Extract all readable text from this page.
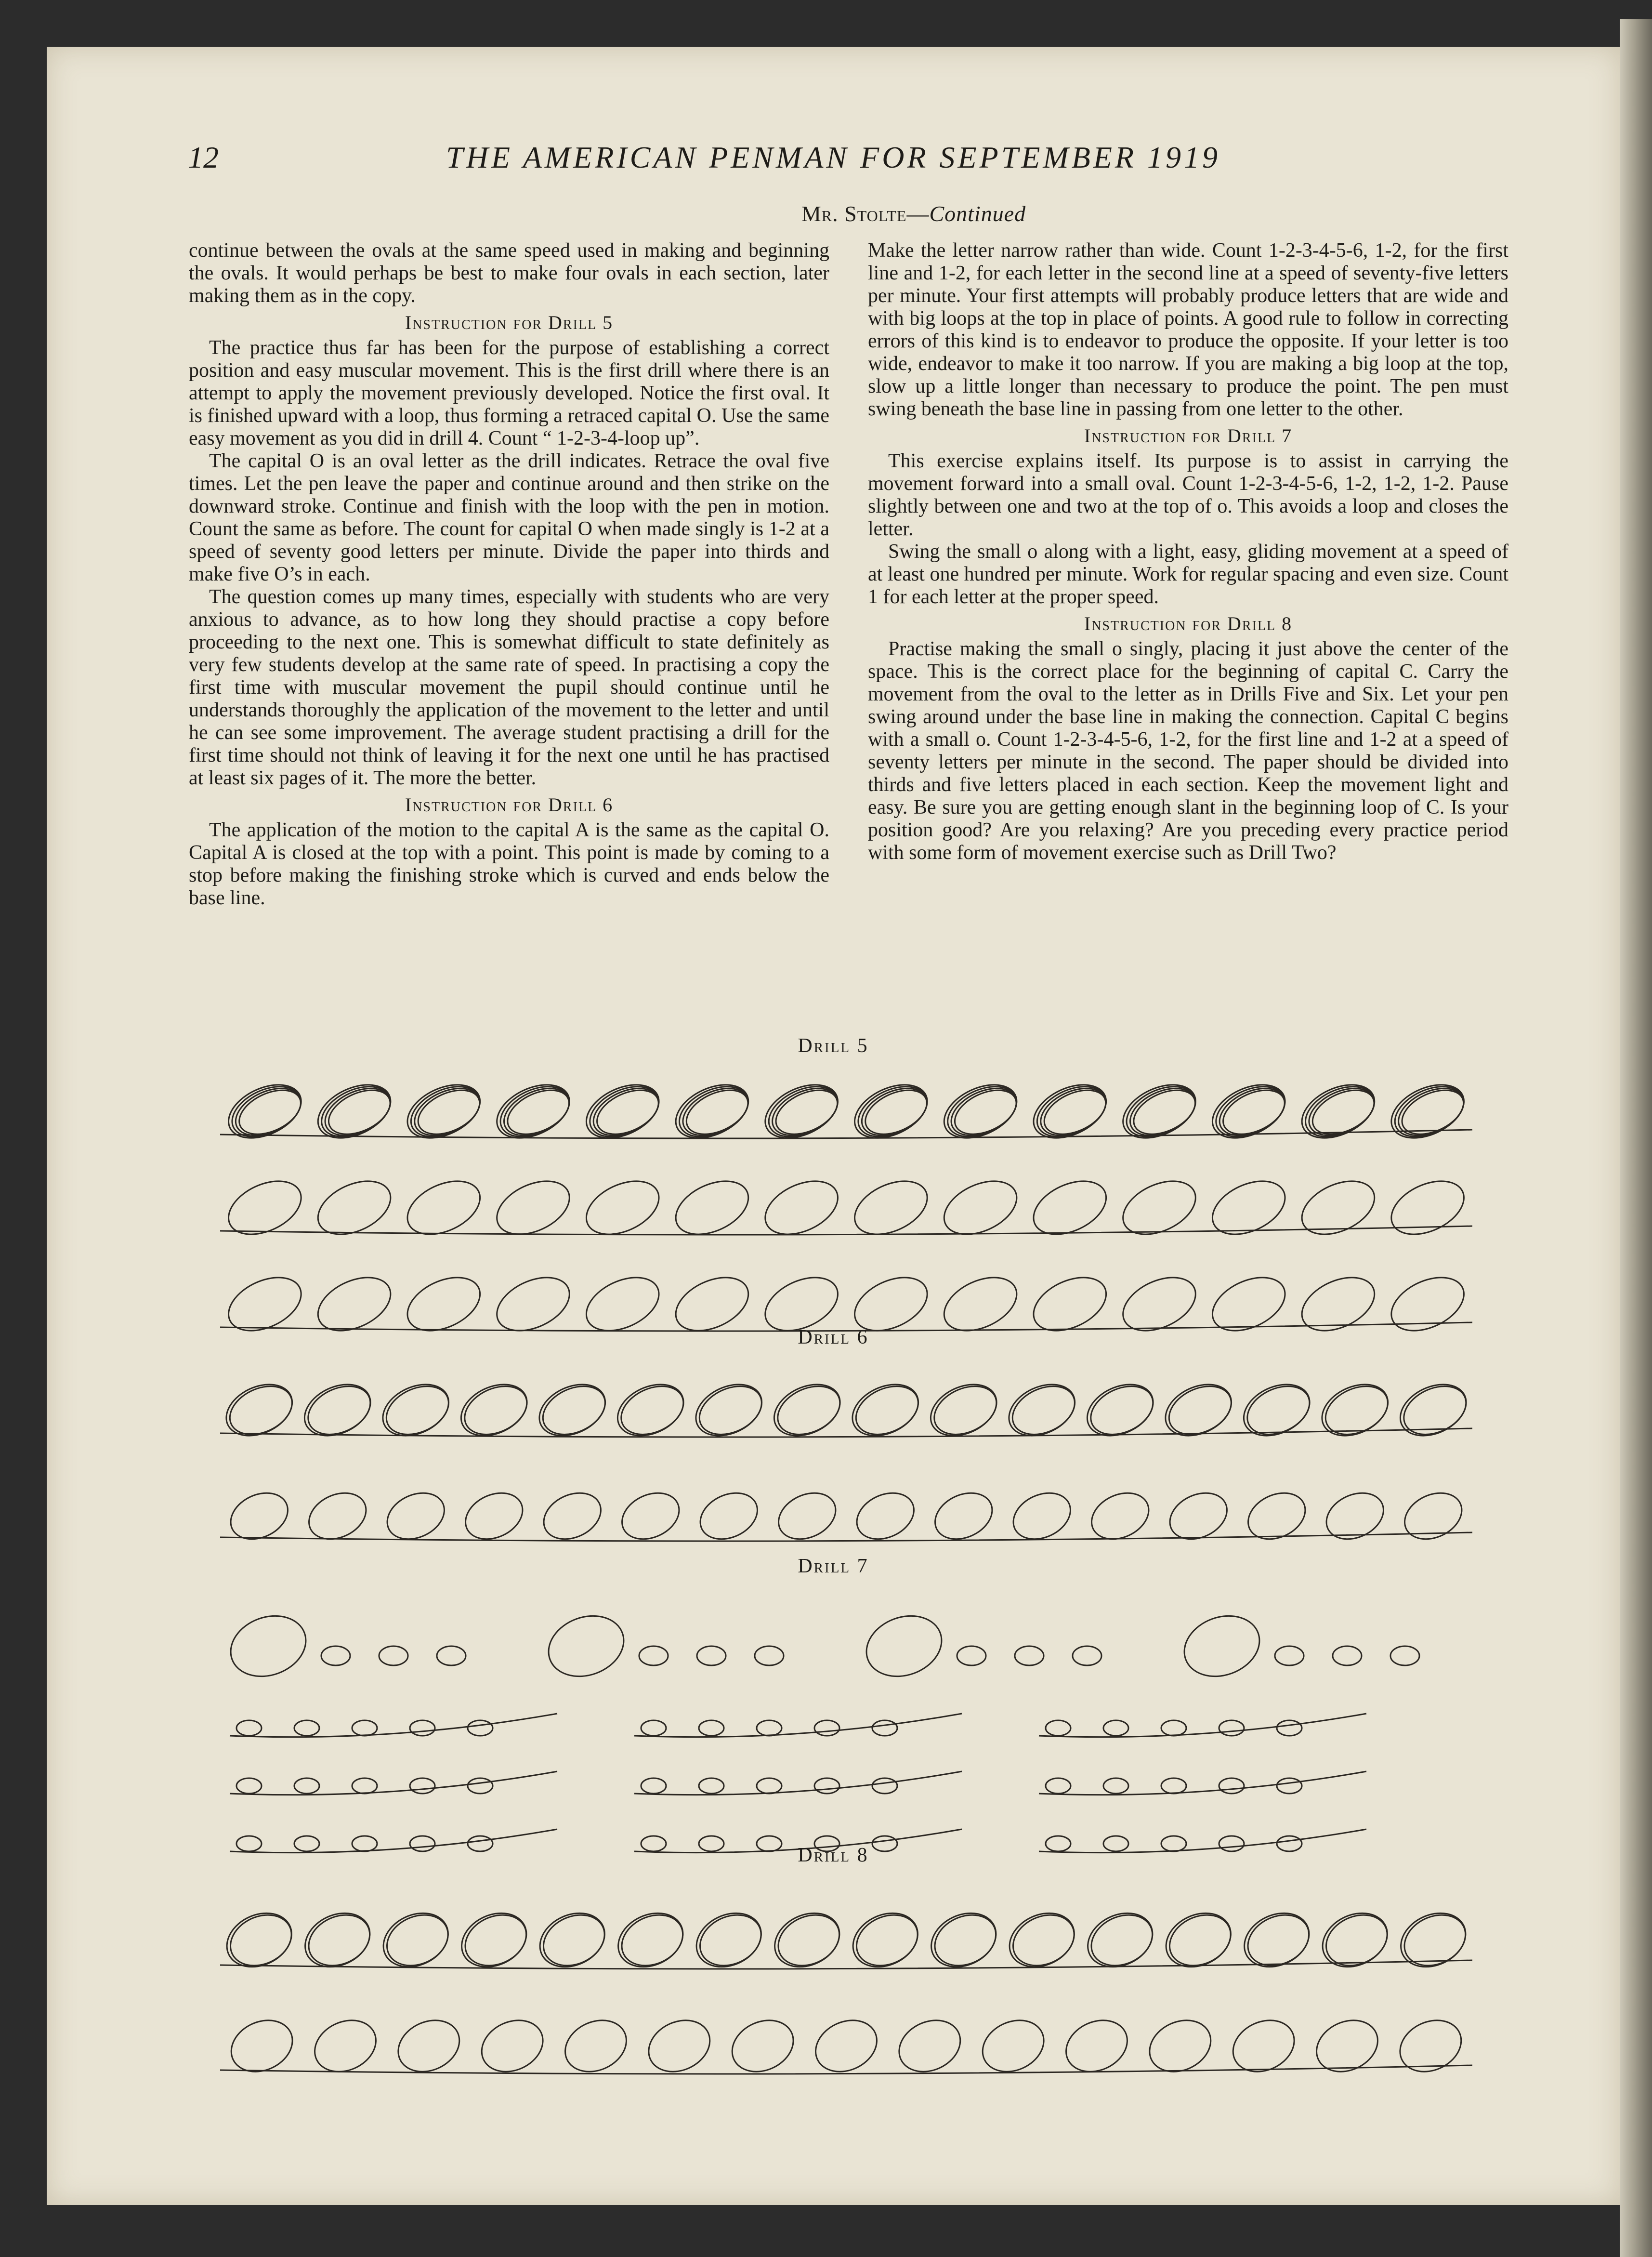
THE AMERICAN PENMAN FOR SEPTEMBER 1919
12
Mr. Stolte—Continued

continue between the ovals at the same speed used in making and beginning the ovals. It would perhaps be best to make four ovals in each section, later making them as in the copy.

Instruction for Drill 5

The practice thus far has been for the purpose of establishing a correct position and easy muscular movement. This is the first drill where there is an attempt to apply the movement previously developed. Notice the first oval. It is finished upward with a loop, thus forming a retraced capital O. Use the same easy movement as you did in drill 4. Count “ 1-2-3-4-loop up”.

The capital O is an oval letter as the drill indicates. Retrace the oval five times. Let the pen leave the paper and continue around and then strike on the downward stroke. Continue and finish with the loop with the pen in motion. Count the same as before. The count for capital O when made singly is 1-2 at a speed of seventy good letters per minute. Divide the paper into thirds and make five O’s in each.

The question comes up many times, especially with students who are very anxious to advance, as to how long they should practise a copy before proceeding to the next one. This is somewhat difficult to state definitely as very few students develop at the same rate of speed. In practising a copy the first time with muscular movement the pupil should continue until he understands thoroughly the application of the movement to the letter and until he can see some improvement. The average student practising a drill for the first time should not think of leaving it for the next one until he has practised at least six pages of it. The more the better.

Instruction for Drill 6

The application of the motion to the capital A is the same as the capital O. Capital A is closed at the top with a point. This point is made by coming to a stop before making the finishing stroke which is curved and ends below the base line.

Make the letter narrow rather than wide. Count 1-2-3-4-5-6, 1-2, for the first line and 1-2, for each letter in the second line at a speed of seventy-five letters per minute. Your first attempts will probably produce letters that are wide and with big loops at the top in place of points. A good rule to follow in correcting errors of this kind is to endeavor to produce the opposite. If your letter is too wide, endeavor to make it too narrow. If you are making a big loop at the top, slow up a little longer than necessary to produce the point. The pen must swing beneath the base line in passing from one letter to the other.

Instruction for Drill 7

This exercise explains itself. Its purpose is to assist in carrying the movement forward into a small oval. Count 1-2-3-4-5-6, 1-2, 1-2, 1-2. Pause slightly between one and two at the top of o. This avoids a loop and closes the letter.

Swing the small o along with a light, easy, gliding movement at a speed of at least one hundred per minute. Work for regular spacing and even size. Count 1 for each letter at the proper speed.

Instruction for Drill 8

Practise making the small o singly, placing it just above the center of the space. This is the correct place for the beginning of capital C. Carry the movement from the oval to the letter as in Drills Five and Six. Let your pen swing around under the base line in making the connection. Capital C begins with a small o. Count 1-2-3-4-5-6, 1-2, for the first line and 1-2 at a speed of seventy letters per minute in the second. The paper should be divided into thirds and five letters placed in each section. Keep the movement light and easy. Be sure you are getting enough slant in the beginning loop of C. Is your position good? Are you relaxing? Are you preceding every practice period with some form of movement exercise such as Drill Two?

Drill 5
Drill 6
Drill 7
Drill 8
